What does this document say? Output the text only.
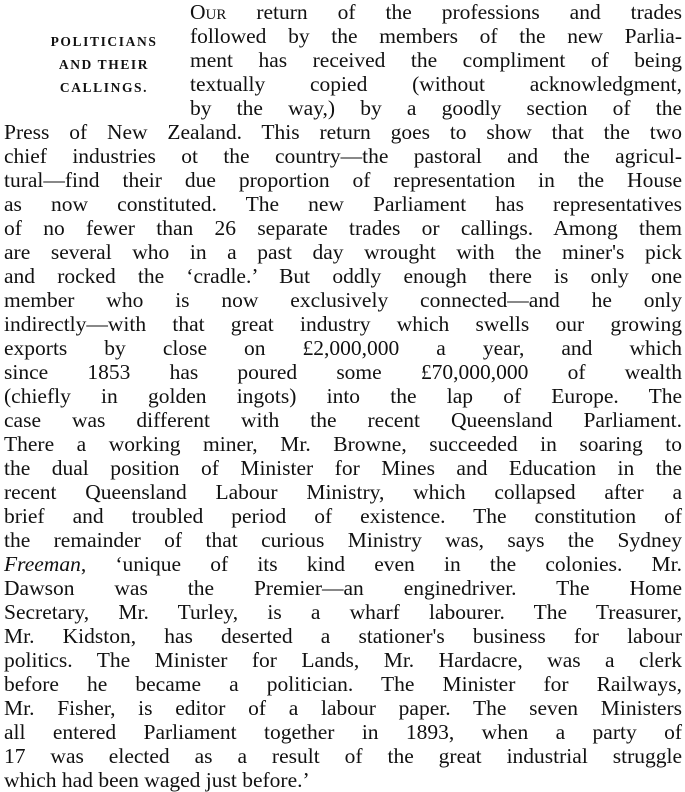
POLITICIANS
AND THEIR
CALLINGS.
Our return of the professions and trades
followed by the members of the new Parlia-
ment has received the compliment of being
textually copied (without acknowledgment,
by the way,) by a goodly section of the
Press of New Zealand. This return goes to show that the two
chief industries ot the country—the pastoral and the agricul-
tural—find their due proportion of representation in the House
as now constituted. The new Parliament has representatives
of no fewer than 26 separate trades or callings. Among them
are several who in a past day wrought with the miner's pick
and rocked the ‘cradle.’ But oddly enough there is only one
member who is now exclusively connected—and he only
indirectly—with that great industry which swells our growing
exports by close on £2,000,000 a year, and which
since 1853 has poured some £70,000,000 of wealth
(chiefly in golden ingots) into the lap of Europe. The
case was different with the recent Queensland Parliament.
There a working miner, Mr. Browne, succeeded in soaring to
the dual position of Minister for Mines and Education in the
recent Queensland Labour Ministry, which collapsed after a
brief and troubled period of existence. The constitution of
the remainder of that curious Ministry was, says the Sydney
Freeman, ‘unique of its kind even in the colonies. Mr.
Dawson was the Premier—an enginedriver. The Home
Secretary, Mr. Turley, is a wharf labourer. The Treasurer,
Mr. Kidston, has deserted a stationer's business for labour
politics. The Minister for Lands, Mr. Hardacre, was a clerk
before he became a politician. The Minister for Railways,
Mr. Fisher, is editor of a labour paper. The seven Ministers
all entered Parliament together in 1893, when a party of
17 was elected as a result of the great industrial struggle
which had been waged just before.’
